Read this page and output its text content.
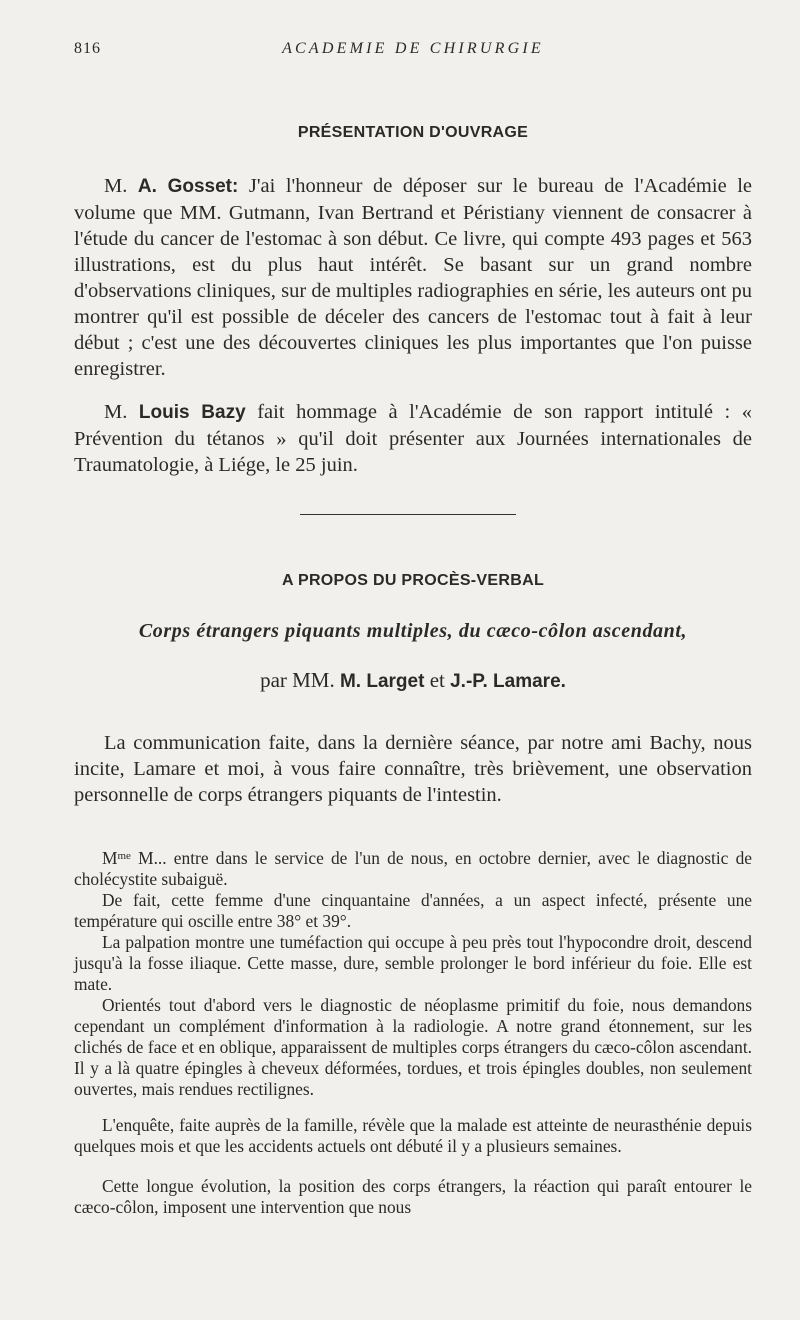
816	ACADEMIE DE CHIRURGIE
PRÉSENTATION D'OUVRAGE

M. A. Gosset: J'ai l'honneur de déposer sur le bureau de l'Académie le volume que MM. Gutmann, Ivan Bertrand et Péristiany viennent de consacrer à l'étude du cancer de l'estomac à son début. Ce livre, qui compte 493 pages et 563 illustrations, est du plus haut intérêt. Se basant sur un grand nombre d'observations cliniques, sur de multiples radiographies en série, les auteurs ont pu montrer qu'il est possible de déceler des cancers de l'estomac tout à fait à leur début ; c'est une des découvertes cliniques les plus importantes que l'on puisse enregistrer.

M. Louis Bazy fait hommage à l'Académie de son rapport intitulé : « Prévention du tétanos » qu'il doit présenter aux Journées internationales de Traumatologie, à Liége, le 25 juin.

A PROPOS DU PROCÈS-VERBAL
Corps étrangers piquants multiples, du cæco-côlon ascendant,
par MM. M. Larget et J.-P. Lamare.

La communication faite, dans la dernière séance, par notre ami Bachy, nous incite, Lamare et moi, à vous faire connaître, très brièvement, une observation personnelle de corps étrangers piquants de l'intestin.

$M^{me}$ M... entre dans le service de l'un de nous, en octobre dernier, avec le diagnostic de cholécystite subaiguë.

De fait, cette femme d'une cinquantaine d'années, a un aspect infecté, présente une température qui oscille entre 38° et 39°.

La palpation montre une tuméfaction qui occupe à peu près tout l'hypocondre droit, descend jusqu'à la fosse iliaque. Cette masse, dure, semble prolonger le bord inférieur du foie. Elle est mate.

Orientés tout d'abord vers le diagnostic de néoplasme primitif du foie, nous demandons cependant un complément d'information à la radiologie. A notre grand étonnement, sur les clichés de face et en oblique, apparaissent de multiples corps étrangers du cæco-côlon ascendant. Il y a là quatre épingles à cheveux déformées, tordues, et trois épingles doubles, non seulement ouvertes, mais rendues rectilignes.

L'enquête, faite auprès de la famille, révèle que la malade est atteinte de neurasthénie depuis quelques mois et que les accidents actuels ont débuté il y a plusieurs semaines.

Cette longue évolution, la position des corps étrangers, la réaction qui paraît entourer le cæco-côlon, imposent une intervention que nous
